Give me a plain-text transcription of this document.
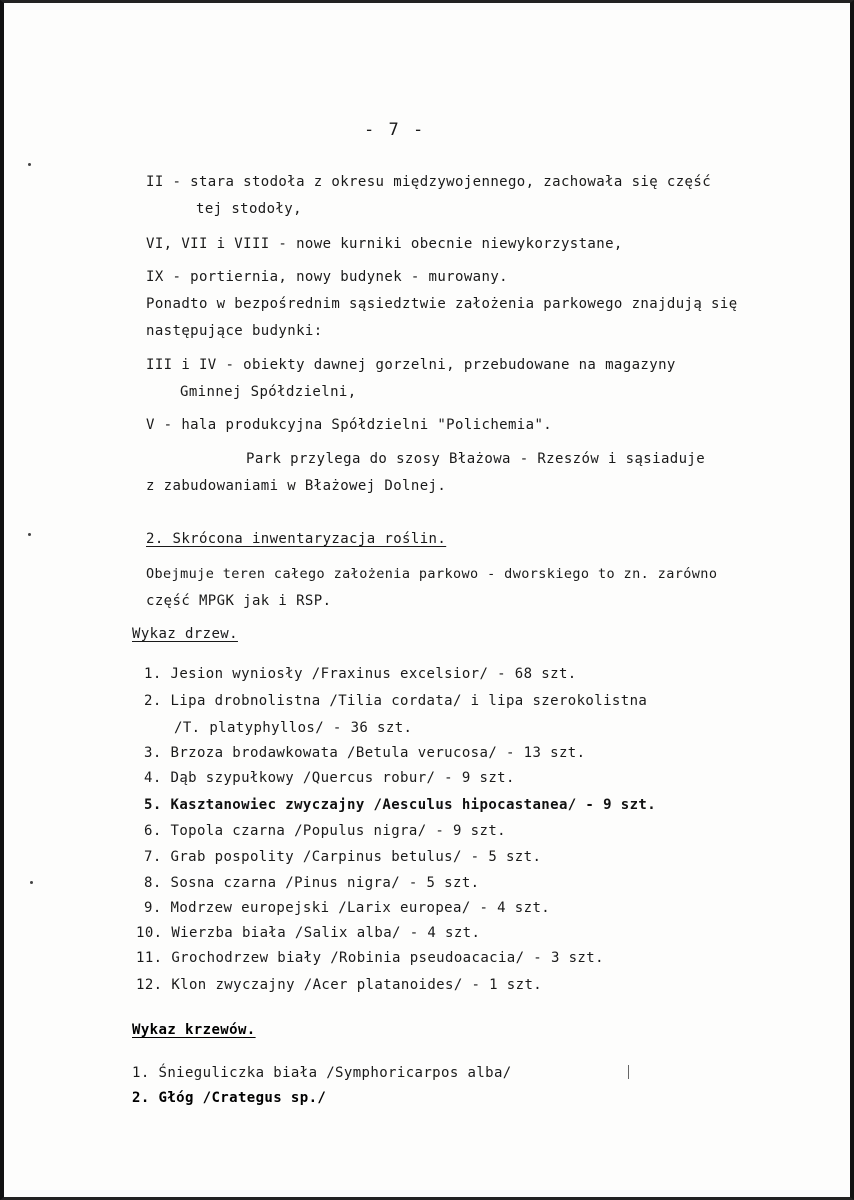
- 7 -
II - stara stodoła z okresu międzywojennego, zachowała się część
tej stodoły,
VI, VII i VIII - nowe kurniki obecnie niewykorzystane,
IX - portiernia, nowy budynek - murowany.
Ponadto w bezpośrednim sąsiedztwie założenia parkowego znajdują się
następujące budynki:
III i IV - obiekty dawnej gorzelni, przebudowane na magazyny
Gminnej Spółdzielni,
V - hala produkcyjna Spółdzielni "Polichemia".
Park przylega do szosy Błażowa - Rzeszów i sąsiaduje
z zabudowaniami w Błażowej Dolnej.
2. Skrócona inwentaryzacja roślin.
Obejmuje teren całego założenia parkowo - dworskiego to zn. zarówno
część MPGK jak i RSP.
Wykaz drzew.
1. Jesion wyniosły /Fraxinus excelsior/ - 68 szt.
2. Lipa drobnolistna /Tilia cordata/ i lipa szerokolistna
/T. platyphyllos/ - 36 szt.
3. Brzoza brodawkowata /Betula verucosa/ - 13 szt.
4. Dąb szypułkowy /Quercus robur/ - 9 szt.
5. Kasztanowiec zwyczajny /Aesculus hipocastanea/ - 9 szt.
6. Topola czarna /Populus nigra/ - 9 szt.
7. Grab pospolity /Carpinus betulus/ - 5 szt.
8. Sosna czarna /Pinus nigra/ - 5 szt.
9. Modrzew europejski /Larix europea/ - 4 szt.
10. Wierzba biała /Salix alba/ - 4 szt.
11. Grochodrzew biały /Robinia pseudoacacia/ - 3 szt.
12. Klon zwyczajny /Acer platanoides/ - 1 szt.
Wykaz krzewów.
1. Śnieguliczka biała /Symphoricarpos alba/
2. Głóg /Crategus sp./
